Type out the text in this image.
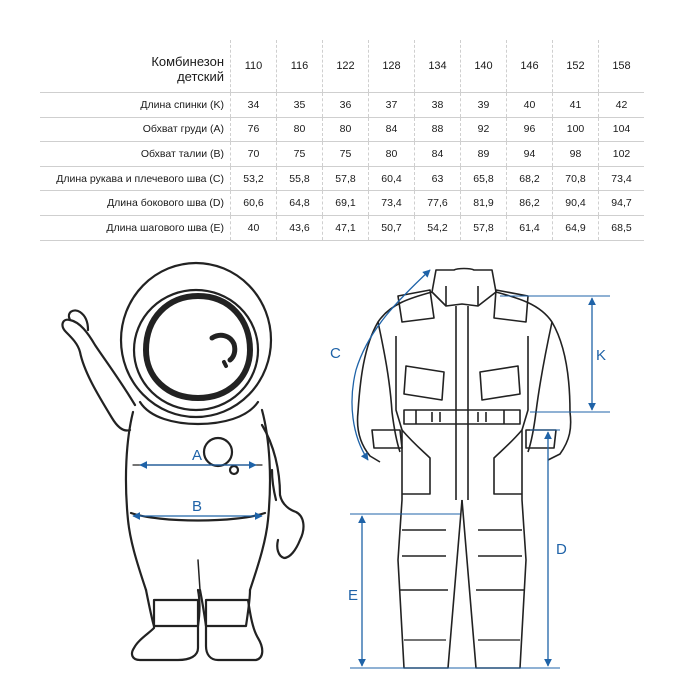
Комбинезон
детский	110	116	122	128	134	140	146	152	158
Длина спинки (K)	34	35	36	37	38	39	40	41	42
Обхват груди (A)	76	80	80	84	88	92	96	100	104
Обхват талии (B)	70	75	75	80	84	89	94	98	102
Длина рукава и плечевого шва (C)	53,2	55,8	57,8	60,4	63	65,8	68,2	70,8	73,4
Длина бокового шва (D)	60,6	64,8	69,1	73,4	77,6	81,9	86,2	90,4	94,7
Длина шагового шва (E)	40	43,6	47,1	50,7	54,2	57,8	61,4	64,9	68,5
A
B
C	K
D
E
